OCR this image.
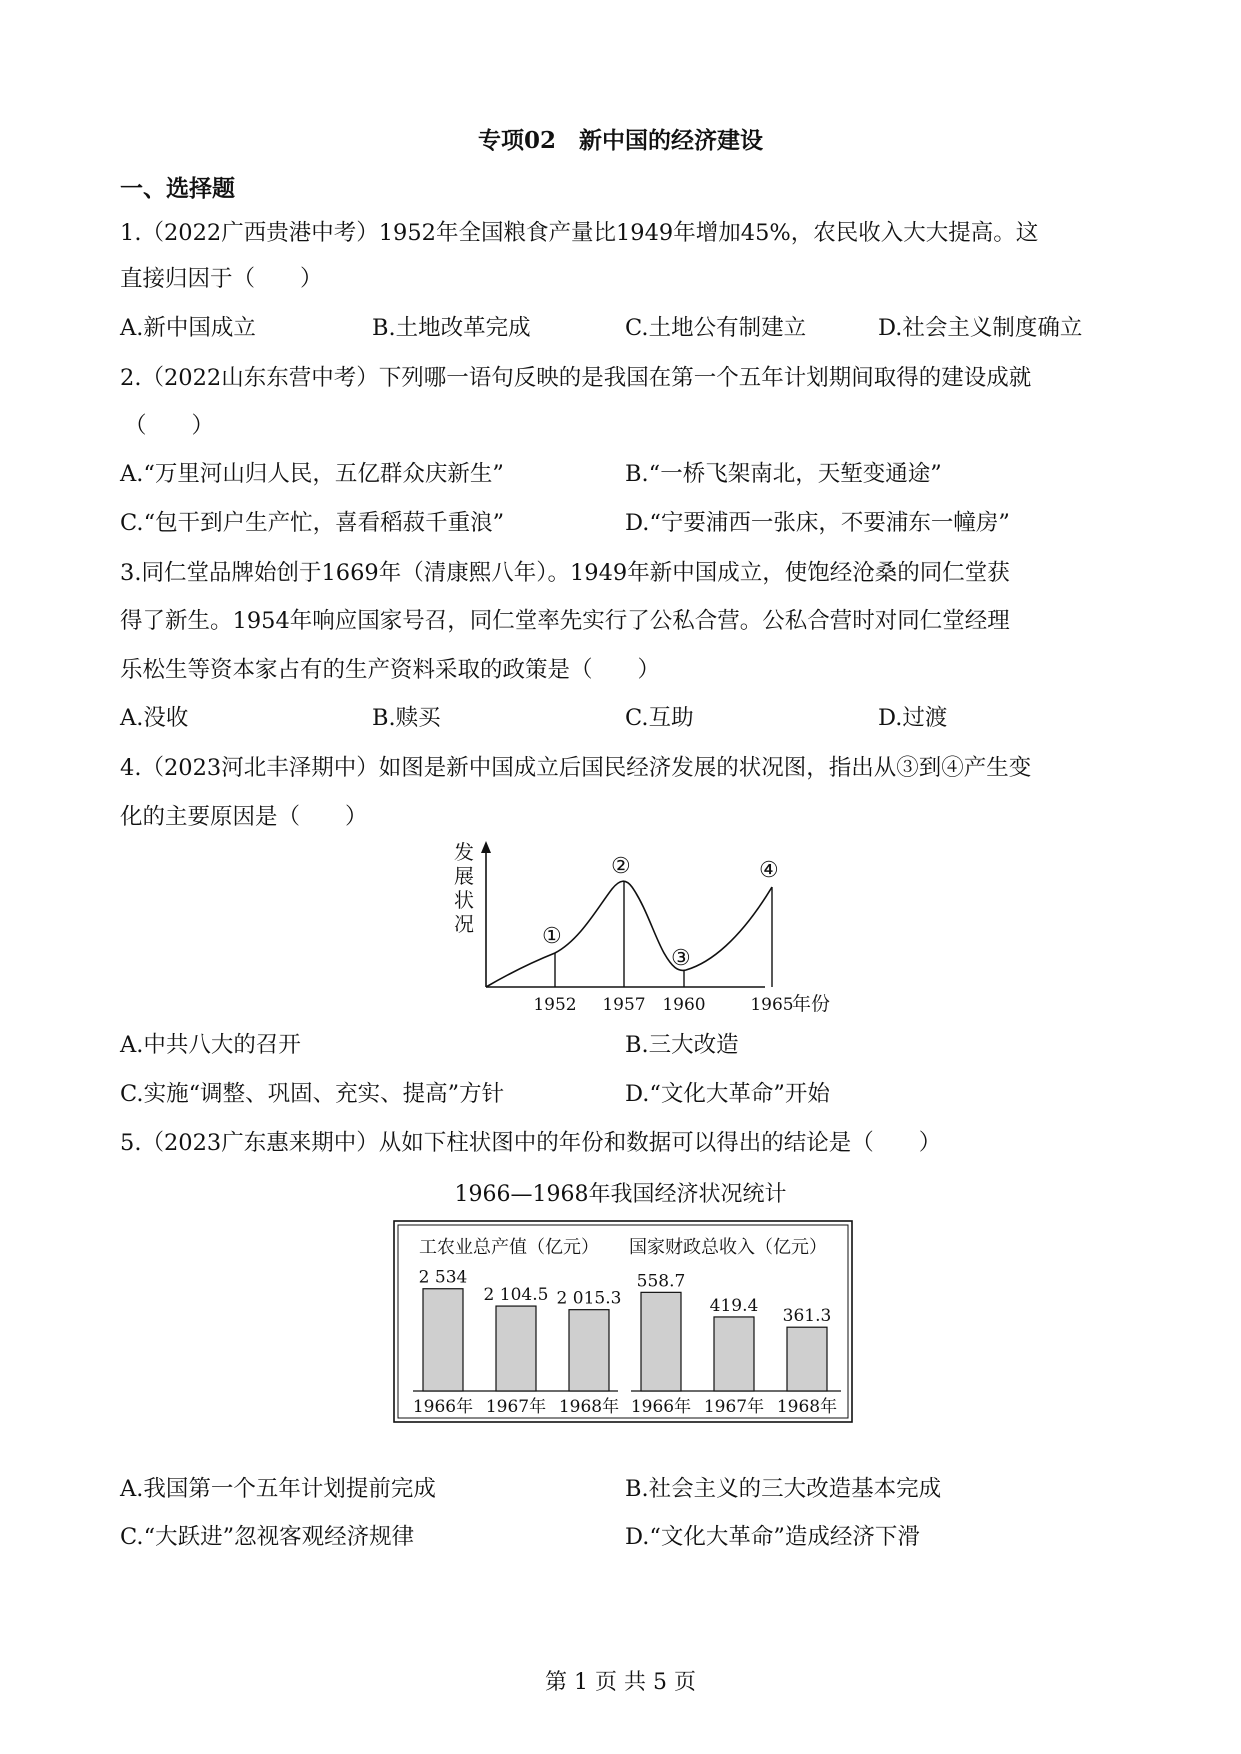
专项02　新中国的经济建设
一、选择题
1.（2022广西贵港中考）1952年全国粮食产量比1949年增加45%，农民收入大大提高。这
直接归因于（　　）
A.新中国成立	B.土地改革完成	C.土地公有制建立	D.社会主义制度确立
2.（2022山东东营中考）下列哪一语句反映的是我国在第一个五年计划期间取得的建设成就
（　　）
A.“万里河山归人民，五亿群众庆新生”	B.“一桥飞架南北，天堑变通途”
C.“包干到户生产忙，喜看稻菽千重浪”	D.“宁要浦西一张床，不要浦东一幢房”
3.同仁堂品牌始创于1669年（清康熙八年）。1949年新中国成立，使饱经沧桑的同仁堂获
得了新生。1954年响应国家号召，同仁堂率先实行了公私合营。公私合营时对同仁堂经理
乐松生等资本家占有的生产资料采取的政策是（　　）
A.没收	B.赎买	C.互助	D.过渡
4.（2023河北丰泽期中）如图是新中国成立后国民经济发展的状况图，指出从③到④产生变
化的主要原因是（　　）
发
展
状
况	①
②
③
④
1952 1957 1960	1965
年份
A.中共八大的召开	B.三大改造
C.实施“调整、巩固、充实、提高”方针	D.“文化大革命”开始
5.（2023广东惠来期中）从如下柱状图中的年份和数据可以得出的结论是（　　）
1966—1968年我国经济状况统计
工农业总产值（亿元） 国家财政总收入（亿元）
2 534
1966年
2 104.5
1967年
2 015.3
1968年
558.7
1966年
419.4
1967年
361.3
1968年
A.我国第一个五年计划提前完成	B.社会主义的三大改造基本完成
C.“大跃进”忽视客观经济规律	D.“文化大革命”造成经济下滑
第 1 页 共 5 页
